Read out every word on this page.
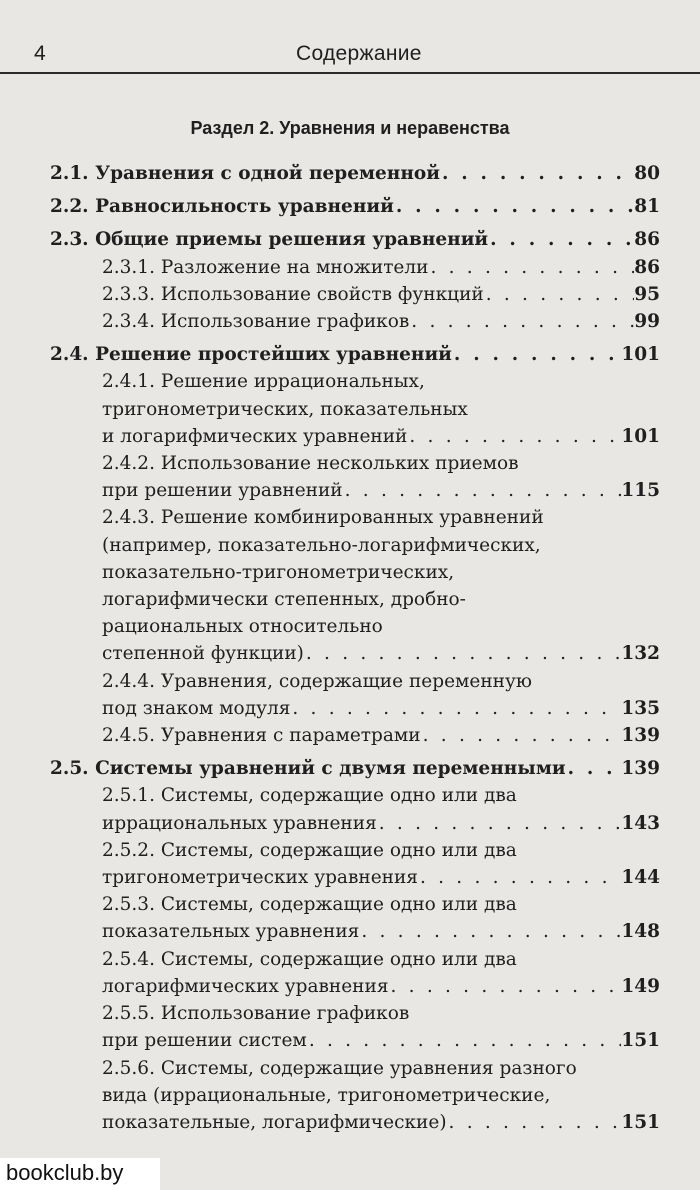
4	Содержание
Раздел 2. Уравнения и неравенства
2.1. Уравнения с одной переменной . . .	80
2.2. Равносильность уравнений . . .	81
2.3. Общие приемы решения уравнений . . .	86
2.3.1. Разложение на множители . . .	86
2.3.3. Использование свойств функций . . .	95
2.3.4. Использование графиков . . .	99
2.4. Решение простейших уравнений . . .	101
2.4.1. Решение иррациональных,
тригонометрических, показательных
и логарифмических уравнений . . .	101
2.4.2. Использование нескольких приемов
при решении уравнений . . .	115
2.4.3. Решение комбинированных уравнений
(например, показательно-логарифмических,
показательно-тригонометрических,
логарифмически степенных, дробно-
рациональных относительно
степенной функции) . . .	132
2.4.4. Уравнения, содержащие переменную
под знаком модуля . . .	135
2.4.5. Уравнения с параметрами . . .	139
2.5. Системы уравнений с двумя переменными . . .	139
2.5.1. Системы, содержащие одно или два
иррациональных уравнения . . .	143
2.5.2. Системы, содержащие одно или два
тригонометрических уравнения . . .	144
2.5.3. Системы, содержащие одно или два
показательных уравнения . . .	148
2.5.4. Системы, содержащие одно или два
логарифмических уравнения . . .	149
2.5.5. Использование графиков
при решении систем . . .	151
2.5.6. Системы, содержащие уравнения разного
вида (иррациональные, тригонометрические,
показательные, логарифмические) . . .	151
bookclub.by
